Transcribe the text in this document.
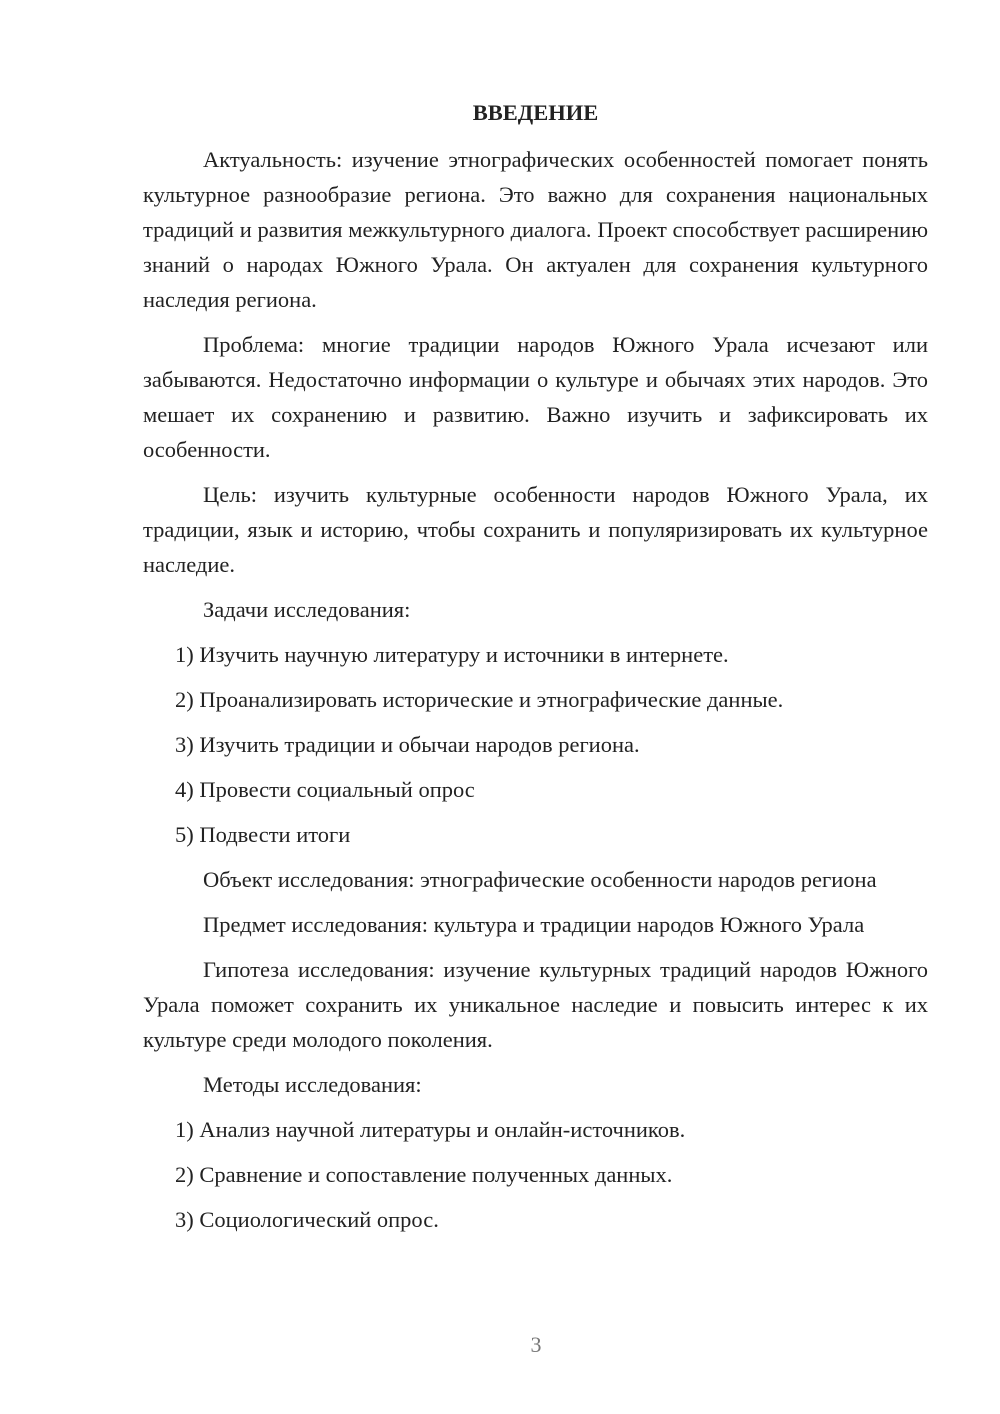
ВВЕДЕНИЕ

Актуальность: изучение этнографических особенностей помогает понять культурное разнообразие региона. Это важно для сохранения национальных традиций и развития межкультурного диалога. Проект способствует расширению знаний о народах Южного Урала. Он актуален для сохранения культурного наследия региона.

Проблема: многие традиции народов Южного Урала исчезают или забываются. Недостаточно информации о культуре и обычаях этих народов. Это мешает их сохранению и развитию. Важно изучить и зафиксировать их особенности.

Цель: изучить культурные особенности народов Южного Урала, их традиции, язык и историю, чтобы сохранить и популяризировать их культурное наследие.

Задачи исследования:

1) Изучить научную литературу и источники в интернете.

2) Проанализировать исторические и этнографические данные.

3) Изучить традиции и обычаи народов региона.

4) Провести социальный опрос

5) Подвести итоги

Объект исследования: этнографические особенности народов региона

Предмет исследования: культура и традиции народов Южного Урала

Гипотеза исследования: изучение культурных традиций народов Южного Урала поможет сохранить их уникальное наследие и повысить интерес к их культуре среди молодого поколения.

Методы исследования:

1) Анализ научной литературы и онлайн-источников.

2) Сравнение и сопоставление полученных данных.

3) Социологический опрос.

3
